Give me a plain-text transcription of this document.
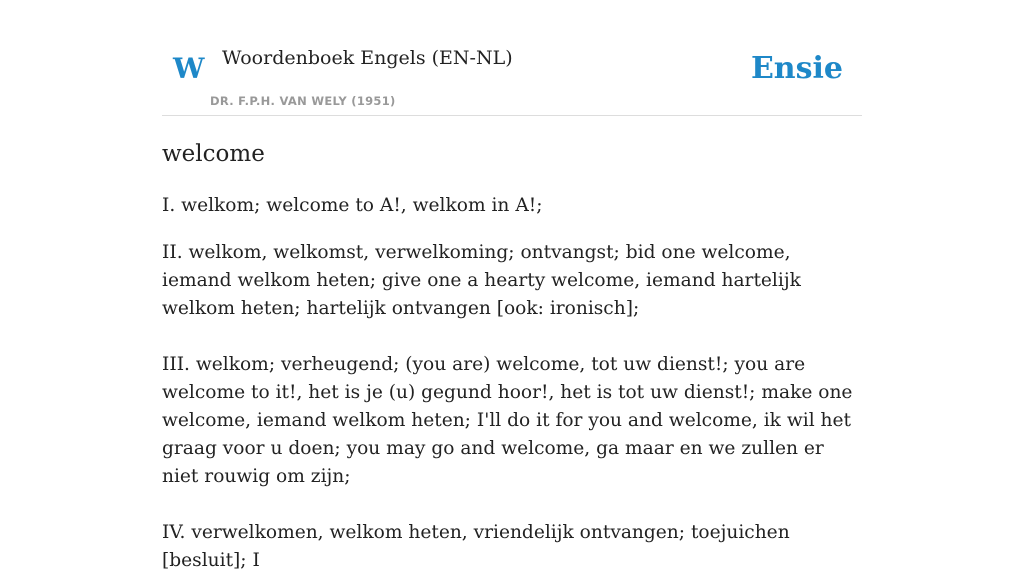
W Woordenboek Engels (EN-NL)
DR. F.P.H. VAN WELY (1951)
Ensie
welcome

I. welkom; welcome to A!, welkom in A!;

II. welkom, welkomst, verwelkoming; ontvangst; bid one welcome, iemand welkom heten; give one a hearty welcome, iemand hartelijk welkom heten; hartelijk ontvangen [ook: ironisch];

III. welkom; verheugend; (you are) welcome, tot uw dienst!; you are welcome to it!, het is je (u) gegund hoor!, het is tot uw dienst!; make one welcome, iemand welkom heten; I'll do it for you and welcome, ik wil het graag voor u doen; you may go and welcome, ga maar en we zullen er niet rouwig om zijn;

IV. verwelkomen, welkom heten, vriendelijk ontvangen; toejuichen [besluit]; I
